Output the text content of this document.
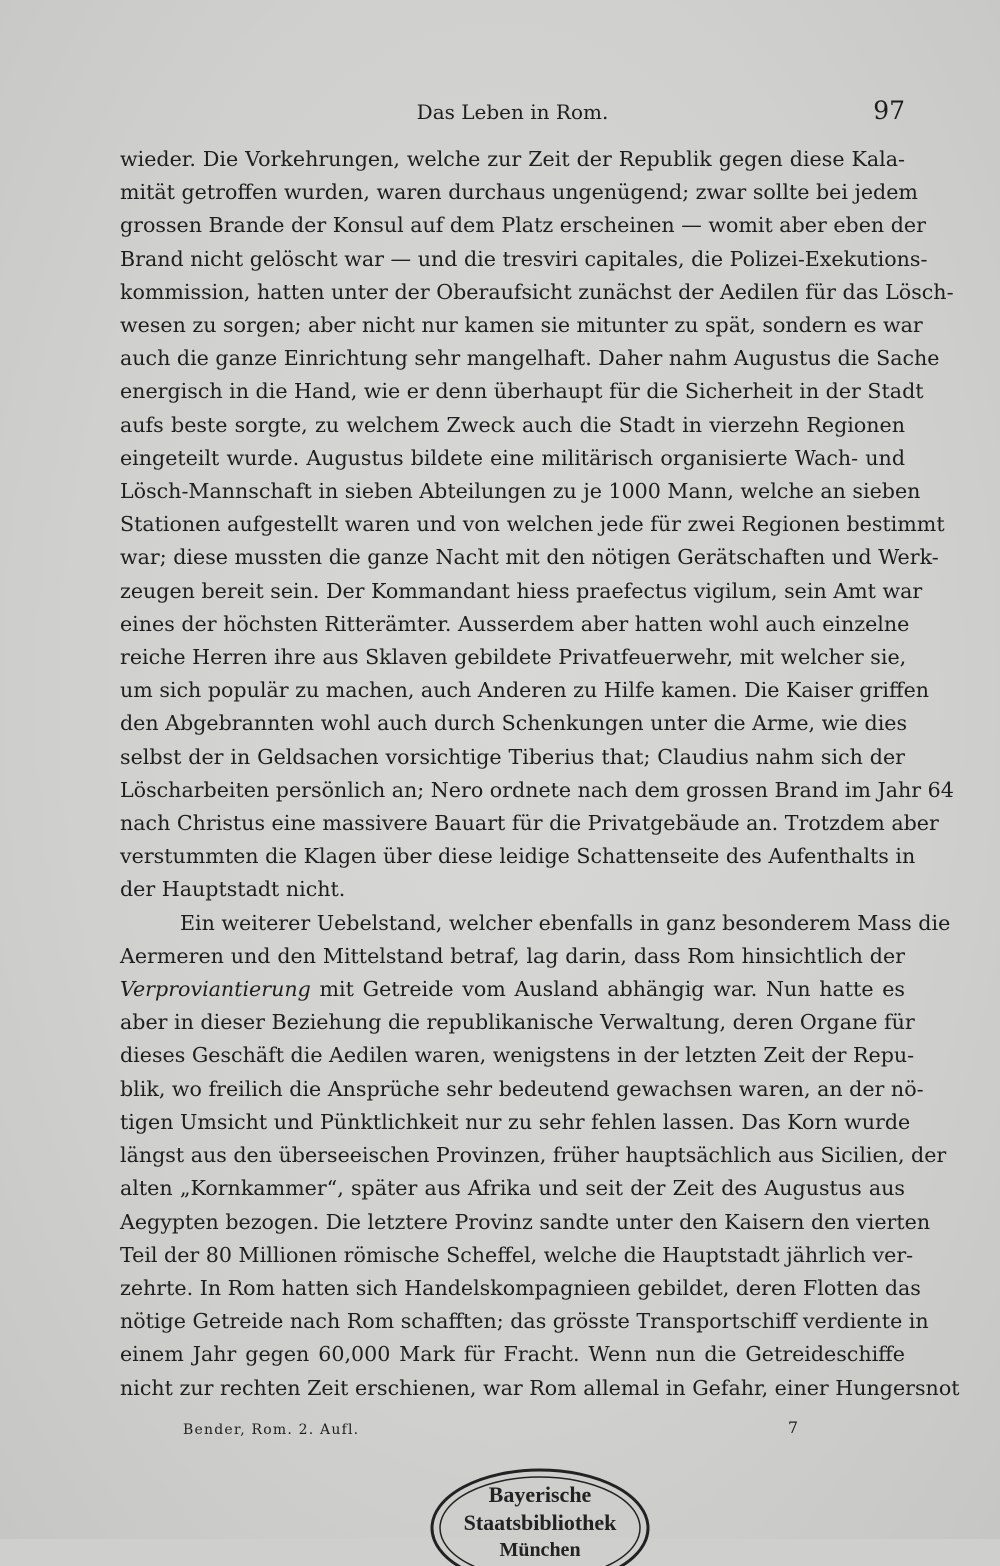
Das Leben in Rom.	97

wieder. Die Vorkehrungen, welche zur Zeit der Republik gegen diese Kala-
mität getroffen wurden, waren durchaus ungenügend; zwar sollte bei jedem
grossen Brande der Konsul auf dem Platz erscheinen — womit aber eben der
Brand nicht gelöscht war — und die tresviri capitales, die Polizei-Exekutions-
kommission, hatten unter der Oberaufsicht zunächst der Aedilen für das Lösch-
wesen zu sorgen; aber nicht nur kamen sie mitunter zu spät, sondern es war
auch die ganze Einrichtung sehr mangelhaft. Daher nahm Augustus die Sache
energisch in die Hand, wie er denn überhaupt für die Sicherheit in der Stadt
aufs beste sorgte, zu welchem Zweck auch die Stadt in vierzehn Regionen
eingeteilt wurde. Augustus bildete eine militärisch organisierte Wach- und
Lösch-Mannschaft in sieben Abteilungen zu je 1000 Mann, welche an sieben
Stationen aufgestellt waren und von welchen jede für zwei Regionen bestimmt
war; diese mussten die ganze Nacht mit den nötigen Gerätschaften und Werk-
zeugen bereit sein. Der Kommandant hiess praefectus vigilum, sein Amt war
eines der höchsten Ritterämter. Ausserdem aber hatten wohl auch einzelne
reiche Herren ihre aus Sklaven gebildete Privatfeuerwehr, mit welcher sie,
um sich populär zu machen, auch Anderen zu Hilfe kamen. Die Kaiser griffen
den Abgebrannten wohl auch durch Schenkungen unter die Arme, wie dies
selbst der in Geldsachen vorsichtige Tiberius that; Claudius nahm sich der
Löscharbeiten persönlich an; Nero ordnete nach dem grossen Brand im Jahr 64
nach Christus eine massivere Bauart für die Privatgebäude an. Trotzdem aber
verstummten die Klagen über diese leidige Schattenseite des Aufenthalts in
der Hauptstadt nicht.

Ein weiterer Uebelstand, welcher ebenfalls in ganz besonderem Mass die
Aermeren und den Mittelstand betraf, lag darin, dass Rom hinsichtlich der
Verproviantierung mit Getreide vom Ausland abhängig war. Nun hatte es
aber in dieser Beziehung die republikanische Verwaltung, deren Organe für
dieses Geschäft die Aedilen waren, wenigstens in der letzten Zeit der Repu-
blik, wo freilich die Ansprüche sehr bedeutend gewachsen waren, an der nö-
tigen Umsicht und Pünktlichkeit nur zu sehr fehlen lassen. Das Korn wurde
längst aus den überseeischen Provinzen, früher hauptsächlich aus Sicilien, der
alten „Kornkammer“, später aus Afrika und seit der Zeit des Augustus aus
Aegypten bezogen. Die letztere Provinz sandte unter den Kaisern den vierten
Teil der 80 Millionen römische Scheffel, welche die Hauptstadt jährlich ver-
zehrte. In Rom hatten sich Handelskompagnieen gebildet, deren Flotten das
nötige Getreide nach Rom schafften; das grösste Transportschiff verdiente in
einem Jahr gegen 60,000 Mark für Fracht. Wenn nun die Getreideschiffe
nicht zur rechten Zeit erschienen, war Rom allemal in Gefahr, einer Hungersnot

Bender, Rom. 2. Aufl.	7
Bayerische
Staatsbibliothek
München
